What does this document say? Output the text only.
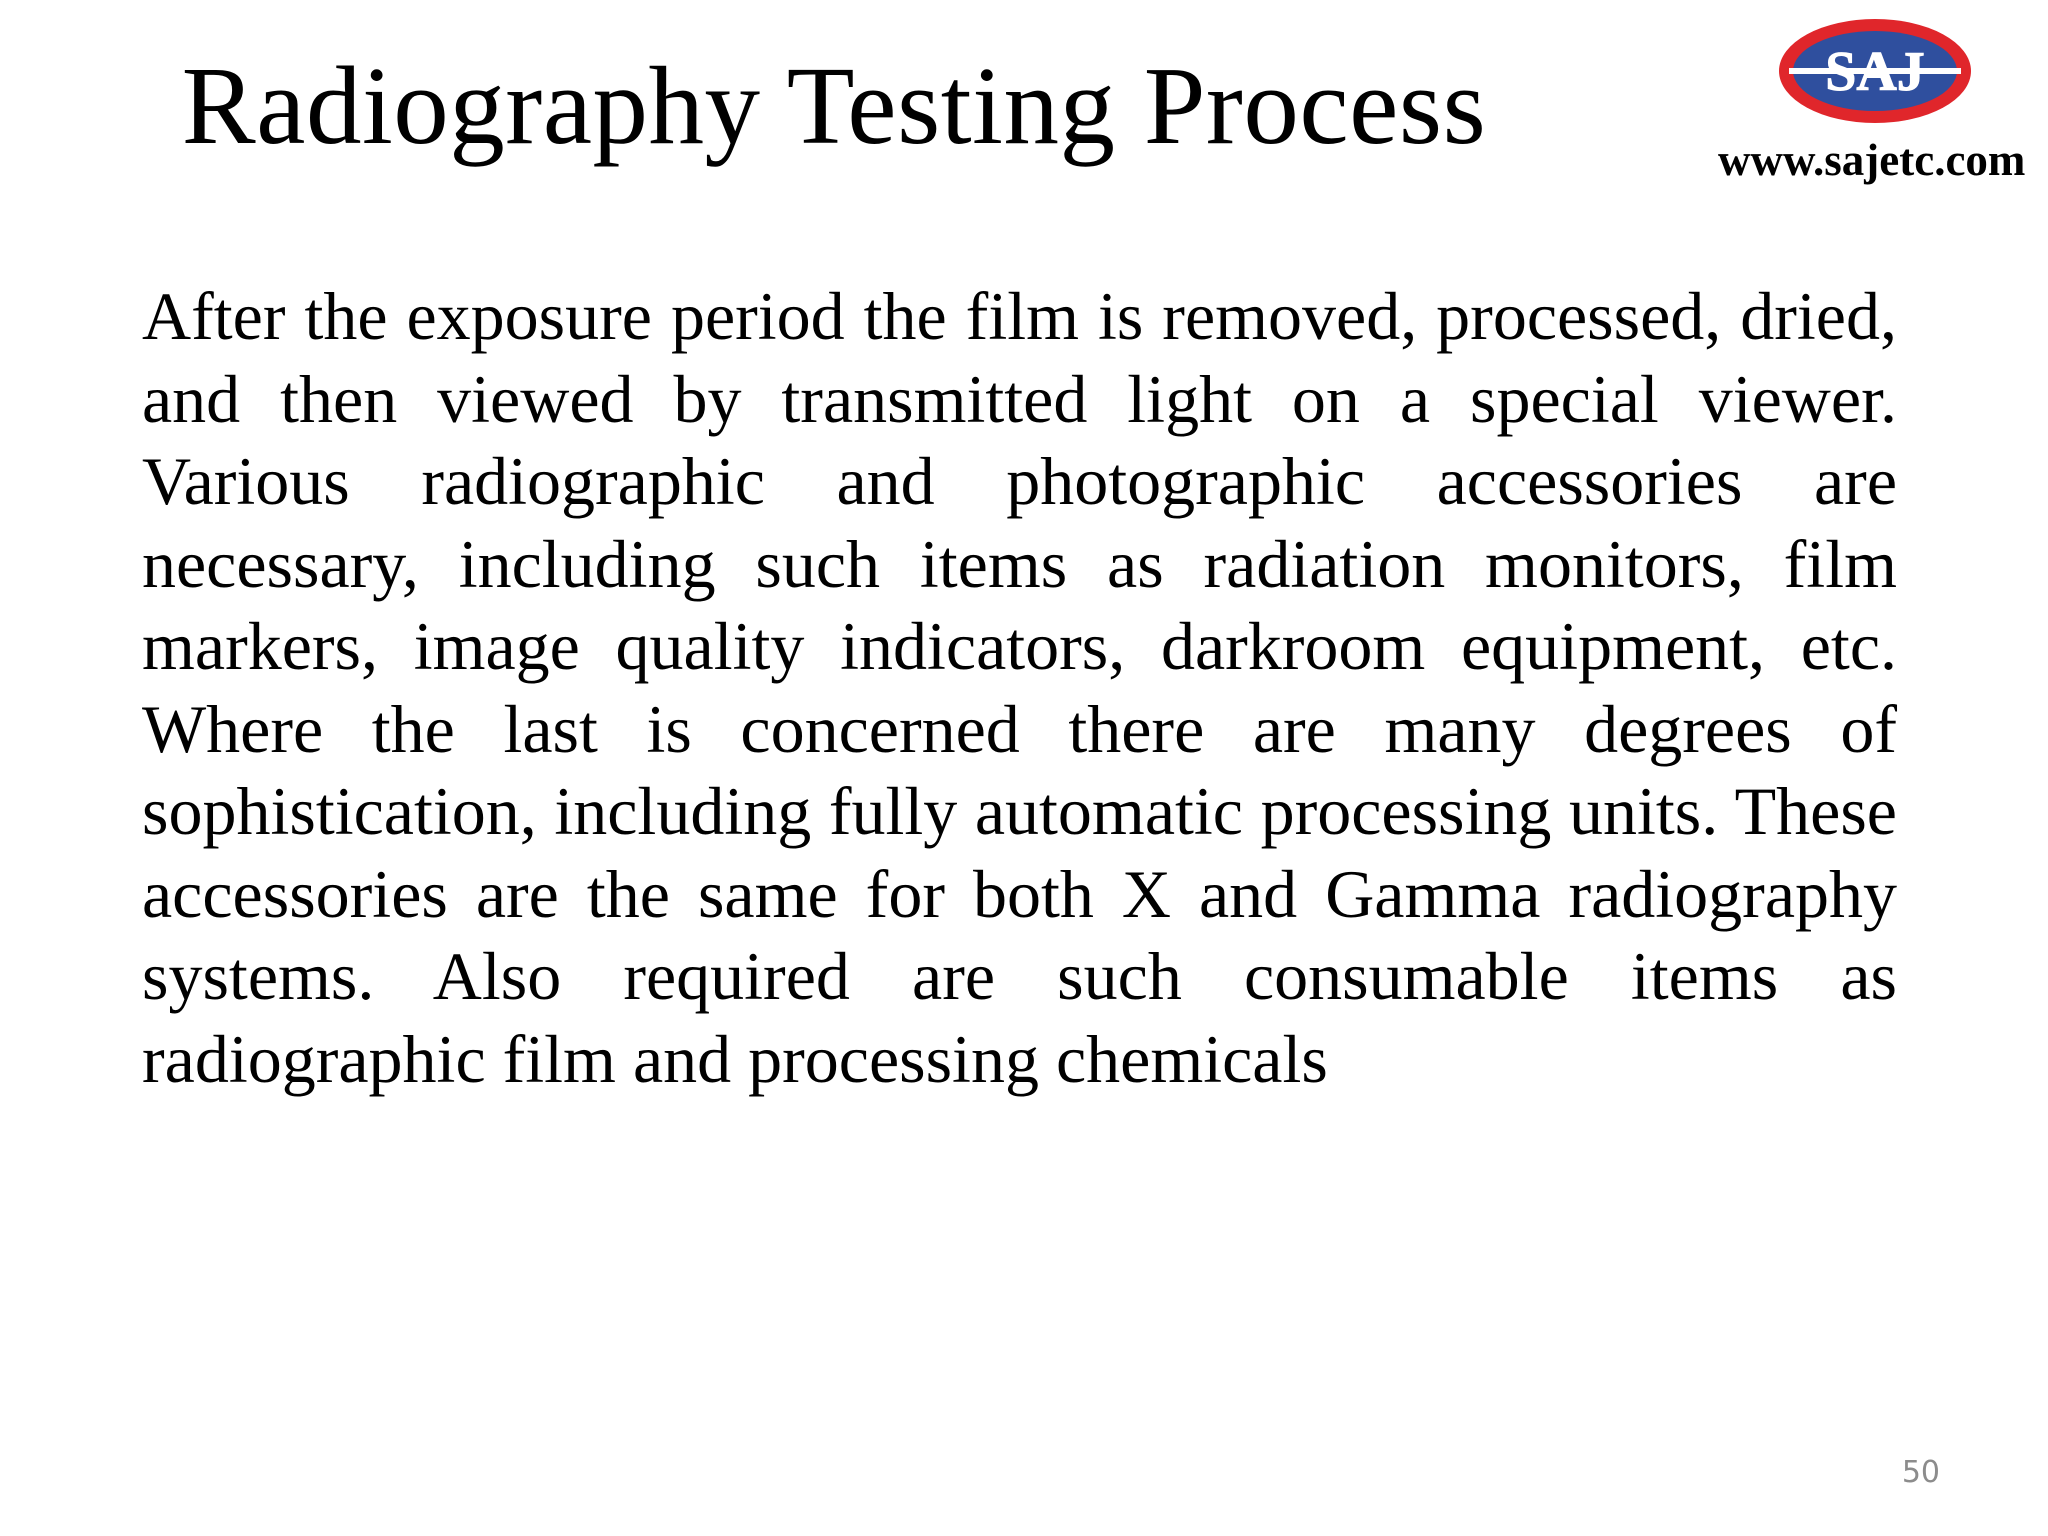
Radiography Testing Process	SAJ
www.sajetc.com

After the exposure period the film is removed, processed, dried, and then viewed by transmitted light on a special viewer. Various radiographic and photographic accessories are necessary, including such items as radiation monitors, film markers, image quality indicators, darkroom equipment, etc. Where the last is concerned there are many degrees of sophistication, including fully automatic processing units. These accessories are the same for both X and Gamma radiography systems. Also required are such consumable items as radiographic film and processing chemicals

50
